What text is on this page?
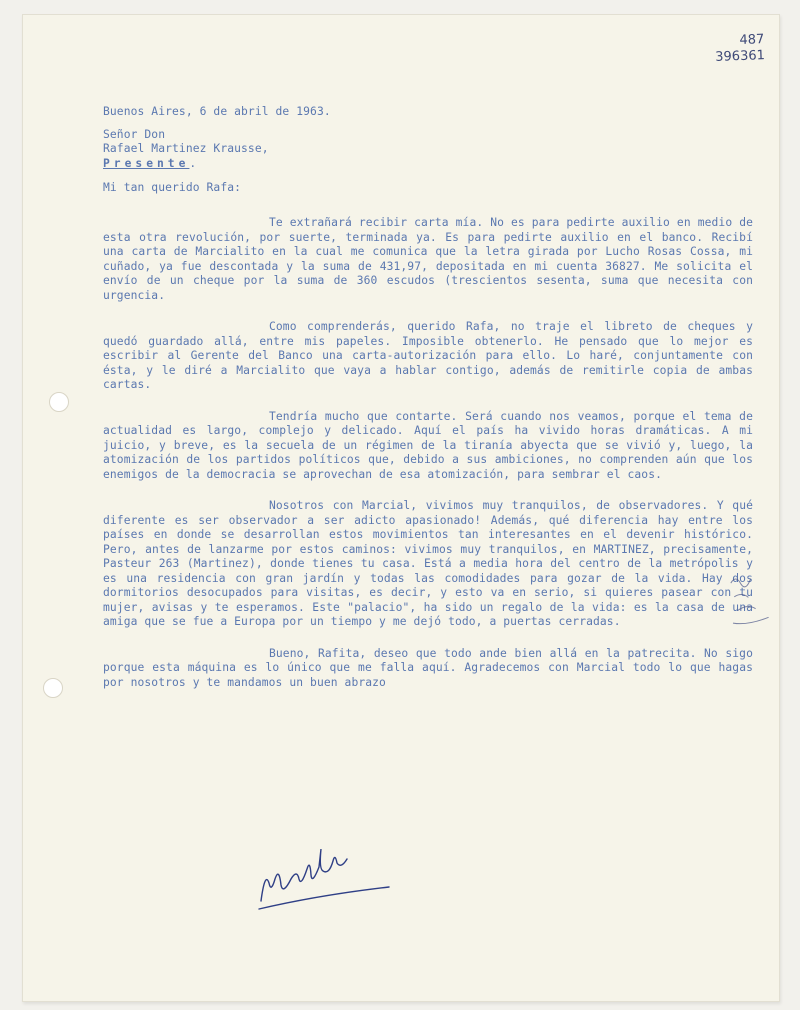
487
396361
Buenos Aires, 6 de abril de 1963.
Señor Don
Rafael Martinez Krausse,
Presente.
Mi tan querido Rafa:

Te extrañará recibir carta mía. No es para pedirte auxilio en medio de esta otra revolución, por suerte, terminada ya. Es para pedirte auxilio en el banco. Recibí una carta de Marcialito en la cual me comunica que la letra girada por Lucho Rosas Cossa, mi cuñado, ya fue descontada y la suma de 431,97, depositada en mi cuenta 36827. Me solicita el envío de un cheque por la suma de 360 escudos (trescientos sesenta, suma que necesita con urgencia.

Como comprenderás, querido Rafa, no traje el libreto de cheques y quedó guardado allá, entre mis papeles. Imposible obtenerlo. He pensado que lo mejor es escribir al Gerente del Banco una carta-autorización para ello. Lo haré, conjuntamente con ésta, y le diré a Marcialito que vaya a hablar contigo, además de remitirle copia de ambas cartas.

Tendría mucho que contarte. Será cuando nos veamos, porque el tema de actualidad es largo, complejo y delicado. Aquí el país ha vivido horas dramáticas. A mi juicio, y breve, es la secuela de un régimen de la tiranía abyecta que se vivió y, luego, la atomización de los partidos políticos que, debido a sus ambiciones, no comprenden aún que los enemigos de la democracia se aprovechan de esa atomización, para sembrar el caos.

Nosotros con Marcial, vivimos muy tranquilos, de observadores. Y qué diferente es ser observador a ser adicto apasionado! Además, qué diferencia hay entre los países en donde se desarrollan estos movimientos tan interesantes en el devenir histórico. Pero, antes de lanzarme por estos caminos: vivimos muy tranquilos, en MARTINEZ, precisamente, Pasteur 263 (Martinez), donde tienes tu casa. Está a media hora del centro de la metrópolis y es una residencia con gran jardín y todas las comodidades para gozar de la vida. Hay dos dormitorios desocupados para visitas, es decir, y esto va en serio, si quieres pasear con tu mujer, avisas y te esperamos. Este "palacio", ha sido un regalo de la vida: es la casa de una amiga que se fue a Europa por un tiempo y me dejó todo, a puertas cerradas.

Bueno, Rafita, deseo que todo ande bien allá en la patrecita. No sigo porque esta máquina es lo único que me falla aquí. Agradecemos con Marcial todo lo que hagas por nosotros y te mandamos un buen abrazo

Matilde
